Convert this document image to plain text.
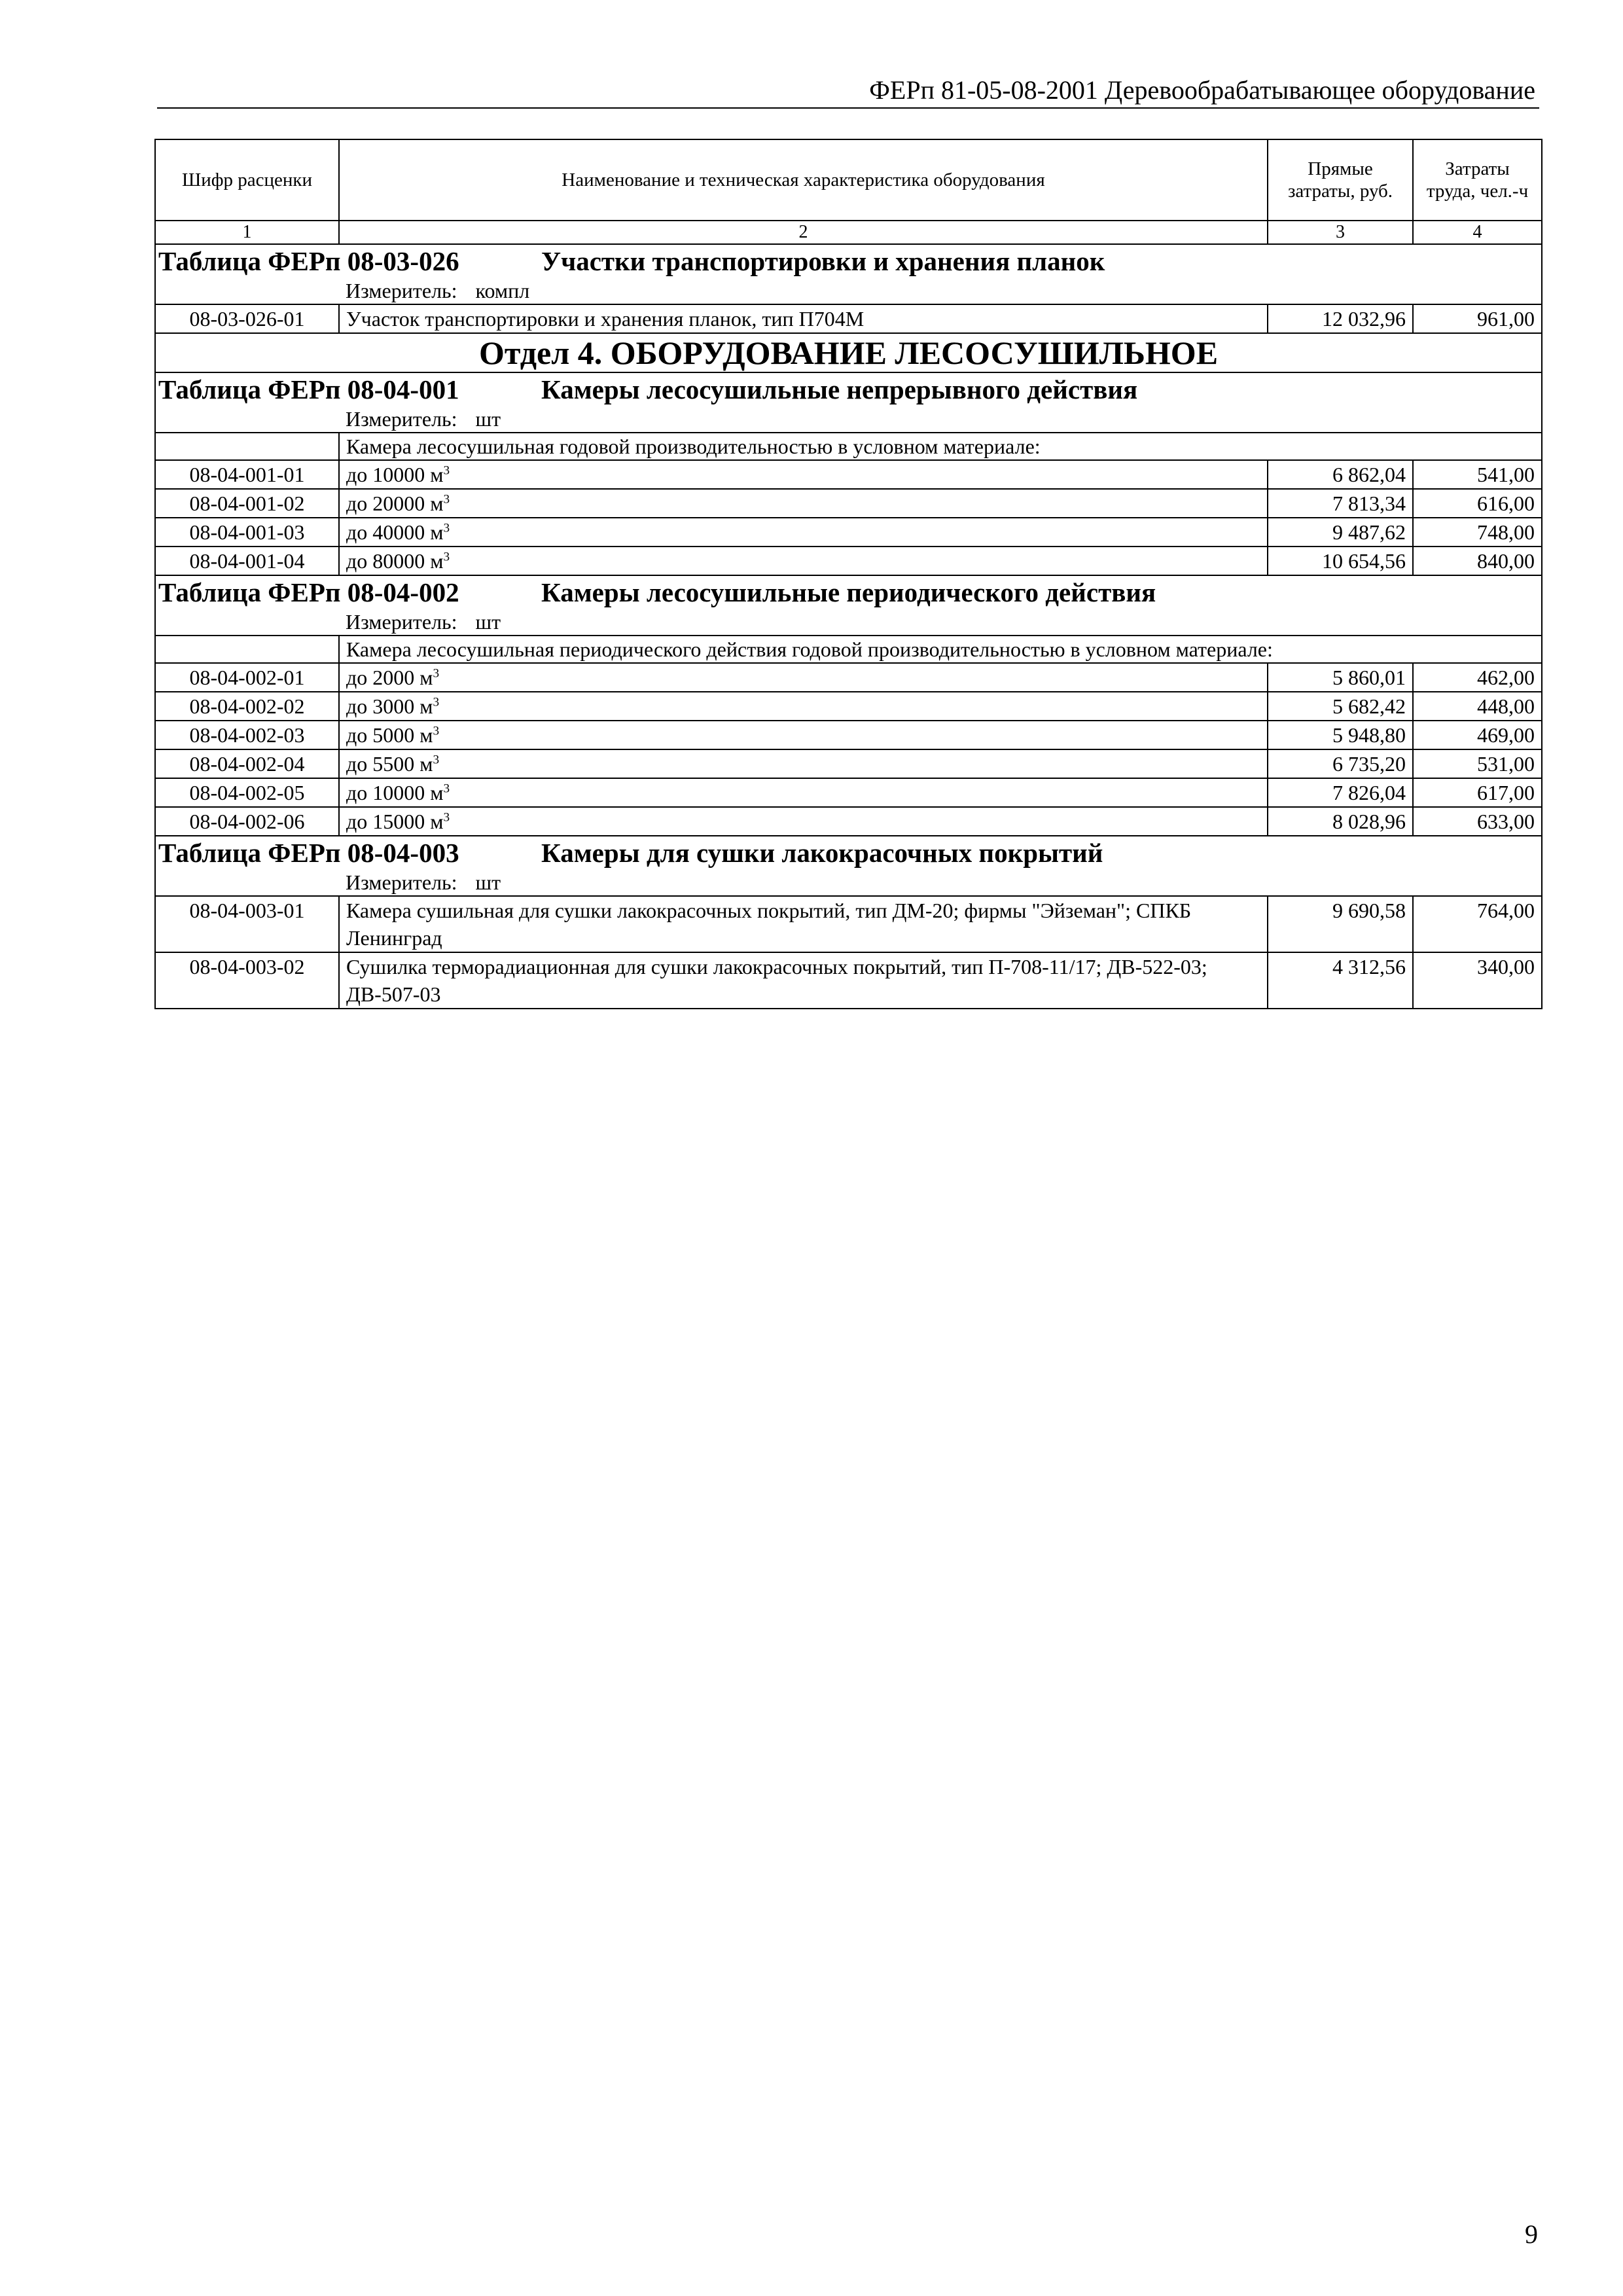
ФЕРп 81-05-08-2001 Деревообрабатывающее оборудование
Шифр расценки	Наименование и техническая характеристика оборудования	Прямые затраты, руб.	Затраты труда, чел.-ч
1	2	3	4
Таблица ФЕРп 08-03-026 Участки транспортировки и хранения планок			
Измеритель: компл			
08-03-026-01	Участок транспортировки и хранения планок, тип П704М	12 032,96	961,00
Отдел 4. ОБОРУДОВАНИЕ ЛЕСОСУШИЛЬНОЕ			
Таблица ФЕРп 08-04-001 Камеры лесосушильные непрерывного действия			
Измеритель: шт			
	Камера лесосушильная годовой производительностью в условном материале:		
08-04-001-01	до 10000 $м^3$	6 862,04	541,00
08-04-001-02	до 20000 $м^3$	7 813,34	616,00
08-04-001-03	до 40000 $м^3$	9 487,62	748,00
08-04-001-04	до 80000 $м^3$	10 654,56	840,00
Таблица ФЕРп 08-04-002 Камеры лесосушильные периодического действия			
Измеритель: шт			
	Камера лесосушильная периодического действия годовой производительностью в условном материале:		
08-04-002-01	до 2000 $м^3$	5 860,01	462,00
08-04-002-02	до 3000 $м^3$	5 682,42	448,00
08-04-002-03	до 5000 $м^3$	5 948,80	469,00
08-04-002-04	до 5500 $м^3$	6 735,20	531,00
08-04-002-05	до 10000 $м^3$	7 826,04	617,00
08-04-002-06	до 15000 $м^3$	8 028,96	633,00
Таблица ФЕРп 08-04-003 Камеры для сушки лакокрасочных покрытий			
Измеритель: шт			
08-04-003-01	Камера сушильная для сушки лакокрасочных покрытий, тип ДМ-20; фирмы "Эйземан"; СПКБ Ленинград	9 690,58	764,00
08-04-003-02	Сушилка терморадиационная для сушки лакокрасочных покрытий, тип П-708-11/17; ДВ-522-03; ДВ-507-03	4 312,56	340,00
9
